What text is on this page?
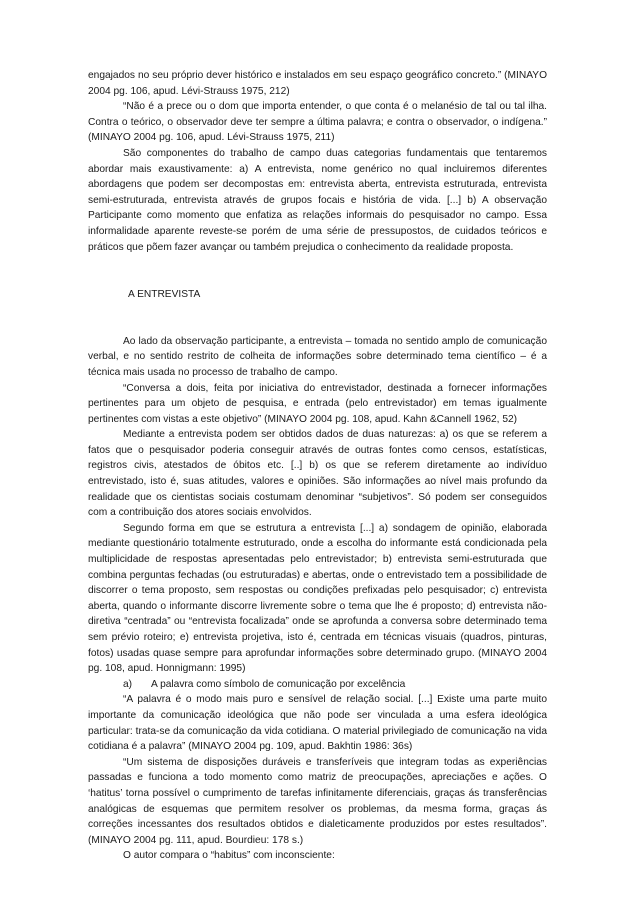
engajados no seu próprio dever histórico e instalados em seu espaço geográfico concreto.” (MINAYO 2004 pg. 106, apud. Lévi-Strauss 1975, 212)

“Não é a prece ou o dom que importa entender, o que conta é o melanésio de tal ou tal ilha. Contra o teórico, o observador deve ter sempre a última palavra; e contra o observador, o indígena.” (MINAYO 2004 pg. 106, apud. Lévi-Strauss 1975, 211)

São componentes do trabalho de campo duas categorias fundamentais que tentaremos abordar mais exaustivamente: a) A entrevista, nome genérico no qual incluiremos diferentes abordagens que podem ser decompostas em: entrevista aberta, entrevista estruturada, entrevista semi-estruturada, entrevista através de grupos focais e história de vida. [...] b) A observação Participante como momento que enfatiza as relações informais do pesquisador no campo. Essa informalidade aparente reveste-se porém de uma série de pressupostos, de cuidados teóricos e práticos que põem fazer avançar ou também prejudica o conhecimento da realidade proposta.

A ENTREVISTA

Ao lado da observação participante, a entrevista – tomada no sentido amplo de comunicação verbal, e no sentido restrito de colheita de informações sobre determinado tema científico – é a técnica mais usada no processo de trabalho de campo.

“Conversa a dois, feita por iniciativa do entrevistador, destinada a fornecer informações pertinentes para um objeto de pesquisa, e entrada (pelo entrevistador) em temas igualmente pertinentes com vistas a este objetivo” (MINAYO 2004 pg. 108, apud. Kahn &Cannell 1962, 52)

Mediante a entrevista podem ser obtidos dados de duas naturezas: a) os que se referem a fatos que o pesquisador poderia conseguir através de outras fontes como censos, estatísticas, registros civis, atestados de óbitos etc. [..] b) os que se referem diretamente ao indivíduo entrevistado, isto é, suas atitudes, valores e opiniões. São informações ao nível mais profundo da realidade que os cientistas sociais costumam denominar “subjetivos”. Só podem ser conseguidos com a contribuição dos atores sociais envolvidos.

Segundo forma em que se estrutura a entrevista [...] a) sondagem de opinião, elaborada mediante questionário totalmente estruturado, onde a escolha do informante está condicionada pela multiplicidade de respostas apresentadas pelo entrevistador; b) entrevista semi-estruturada que combina perguntas fechadas (ou estruturadas) e abertas, onde o entrevistado tem a possibilidade de discorrer o tema proposto, sem respostas ou condições prefixadas pelo pesquisador; c) entrevista aberta, quando o informante discorre livremente sobre o tema que lhe é proposto; d) entrevista não-diretiva “centrada” ou “entrevista focalizada” onde se aprofunda a conversa sobre determinado tema sem prévio roteiro; e) entrevista projetiva, isto é, centrada em técnicas visuais (quadros, pinturas, fotos) usadas quase sempre para aprofundar informações sobre determinado grupo. (MINAYO 2004 pg. 108, apud. Honnigmann: 1995)

a) A palavra como símbolo de comunicação por excelência

“A palavra é o modo mais puro e sensível de relação social. [...] Existe uma parte muito importante da comunicação ideológica que não pode ser vinculada a uma esfera ideológica particular: trata-se da comunicação da vida cotidiana. O material privilegiado de comunicação na vida cotidiana é a palavra” (MINAYO 2004 pg. 109, apud. Bakhtin 1986: 36s)

“Um sistema de disposições duráveis e transferíveis que integram todas as experiências passadas e funciona a todo momento como matriz de preocupações, apreciações e ações. O ‘hatitus’ torna possível o cumprimento de tarefas infinitamente diferenciais, graças ás transferências analógicas de esquemas que permitem resolver os problemas, da mesma forma, graças ás correções incessantes dos resultados obtidos e dialeticamente produzidos por estes resultados”. (MINAYO 2004 pg. 111, apud. Bourdieu: 178 s.)

O autor compara o “habitus” com inconsciente:
